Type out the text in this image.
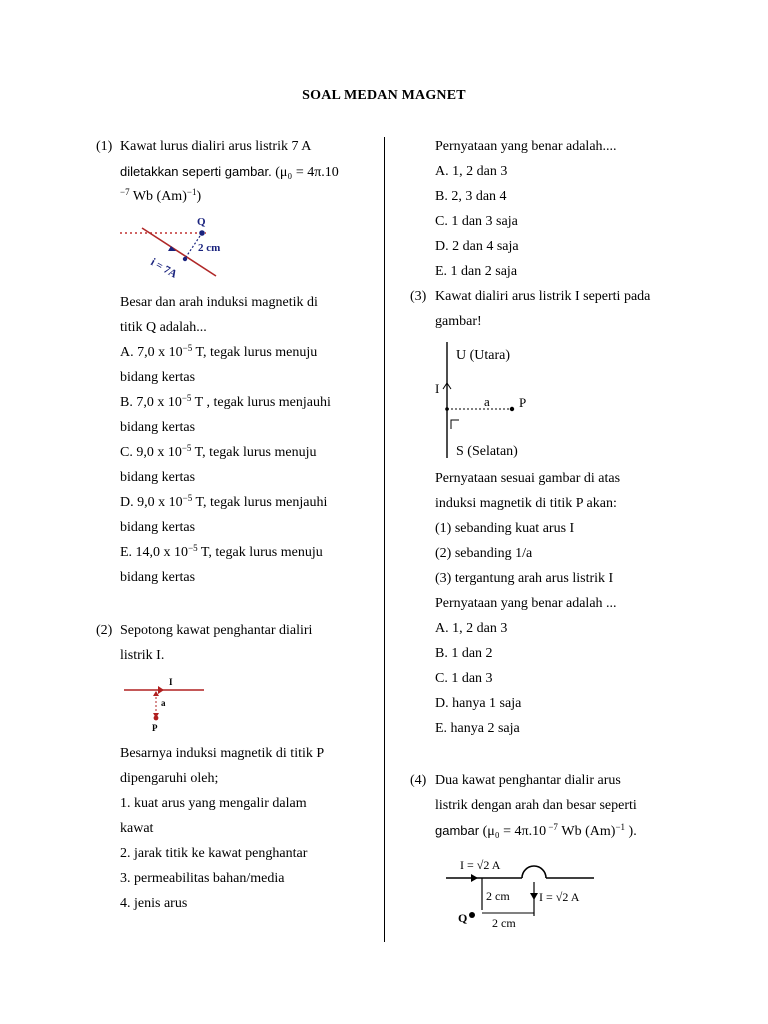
SOAL MEDAN MAGNET
(1) Kawat lurus dialiri arus listrik 7 A

diletakkan seperti gambar. (μ₀ = 4π.10

$^{-7}$ Wb $(Am)^{-1}$)

Q
2 cm
i = 7A

Besar dan arah induksi magnetik di

titik Q adalah...

A. 7,0 x $10^{-5}$ T, tegak lurus menuju

bidang kertas

B. 7,0 x $10^{-5}$ T , tegak lurus menjauhi

bidang kertas

C. 9,0 x $10^{-5}$ T, tegak lurus menuju

bidang kertas

D. 9,0 x $10^{-5}$ T, tegak lurus menjauhi

bidang kertas

E. 14,0 x $10^{-5}$ T, tegak lurus menuju

bidang kertas

(2) Sepotong kawat penghantar dialiri

listrik I.

I
a
P

Besarnya induksi magnetik di titik P

dipengaruhi oleh;

1. kuat arus yang mengalir dalam

kawat

2. jarak titik ke kawat penghantar

3. permeabilitas bahan/media

4. jenis arus

Pernyataan yang benar adalah....

A. 1, 2 dan 3

B. 2, 3 dan 4

C. 1 dan 3 saja

D. 2 dan 4 saja

E. 1 dan 2 saja

(3) Kawat dialiri arus listrik I seperti pada

gambar!

U (Utara)
S (Selatan)
I
a P

Pernyataan sesuai gambar di atas

induksi magnetik di titik P akan:

(1) sebanding kuat arus I

(2) sebanding 1/a

(3) tergantung arah arus listrik I

Pernyataan yang benar adalah ...

A. 1, 2 dan 3

B. 1 dan 2

C. 1 dan 3

D. hanya 1 saja

E. hanya 2 saja

(4) Dua kawat penghantar dialir arus

listrik dengan arah dan besar seperti

gambar (μ₀ = 4π.10 $^{-7}$ Wb $(Am)^{-1}$ ).

I = √2 A
I = √2 A
2 cm
2 cm
Q
